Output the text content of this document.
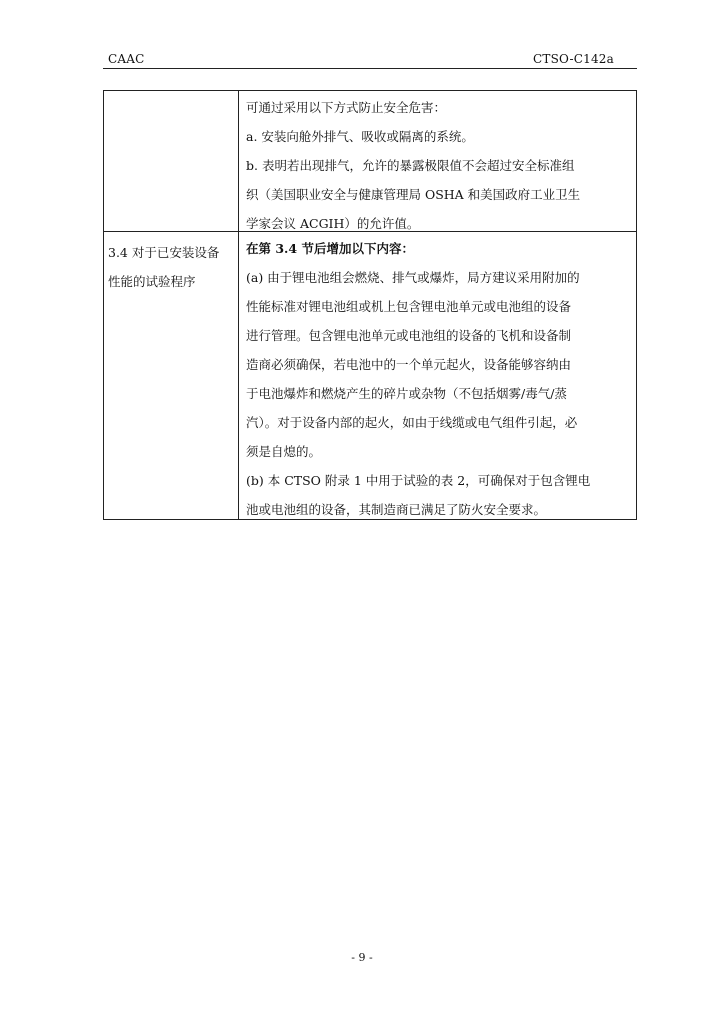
CAAC	CTSO-C142a
可通过采用以下方式防止安全危害：
a. 安装向舱外排气、吸收或隔离的系统。
b. 表明若出现排气，允许的暴露极限值不会超过安全标准组
织（美国职业安全与健康管理局 OSHA 和美国政府工业卫生
学家会议 ACGIH）的允许值。
3.4 对于已安装设备
性能的试验程序
在第 3.4 节后增加以下内容：
(a) 由于锂电池组会燃烧、排气或爆炸，局方建议采用附加的
性能标准对锂电池组或机上包含锂电池单元或电池组的设备
进行管理。包含锂电池单元或电池组的设备的飞机和设备制
造商必须确保，若电池中的一个单元起火，设备能够容纳由
于电池爆炸和燃烧产生的碎片或杂物（不包括烟雾/毒气/蒸
汽）。对于设备内部的起火，如由于线缆或电气组件引起，必
须是自熄的。
(b) 本 CTSO 附录 1 中用于试验的表 2，可确保对于包含锂电
池或电池组的设备，其制造商已满足了防火安全要求。
- 9 -
